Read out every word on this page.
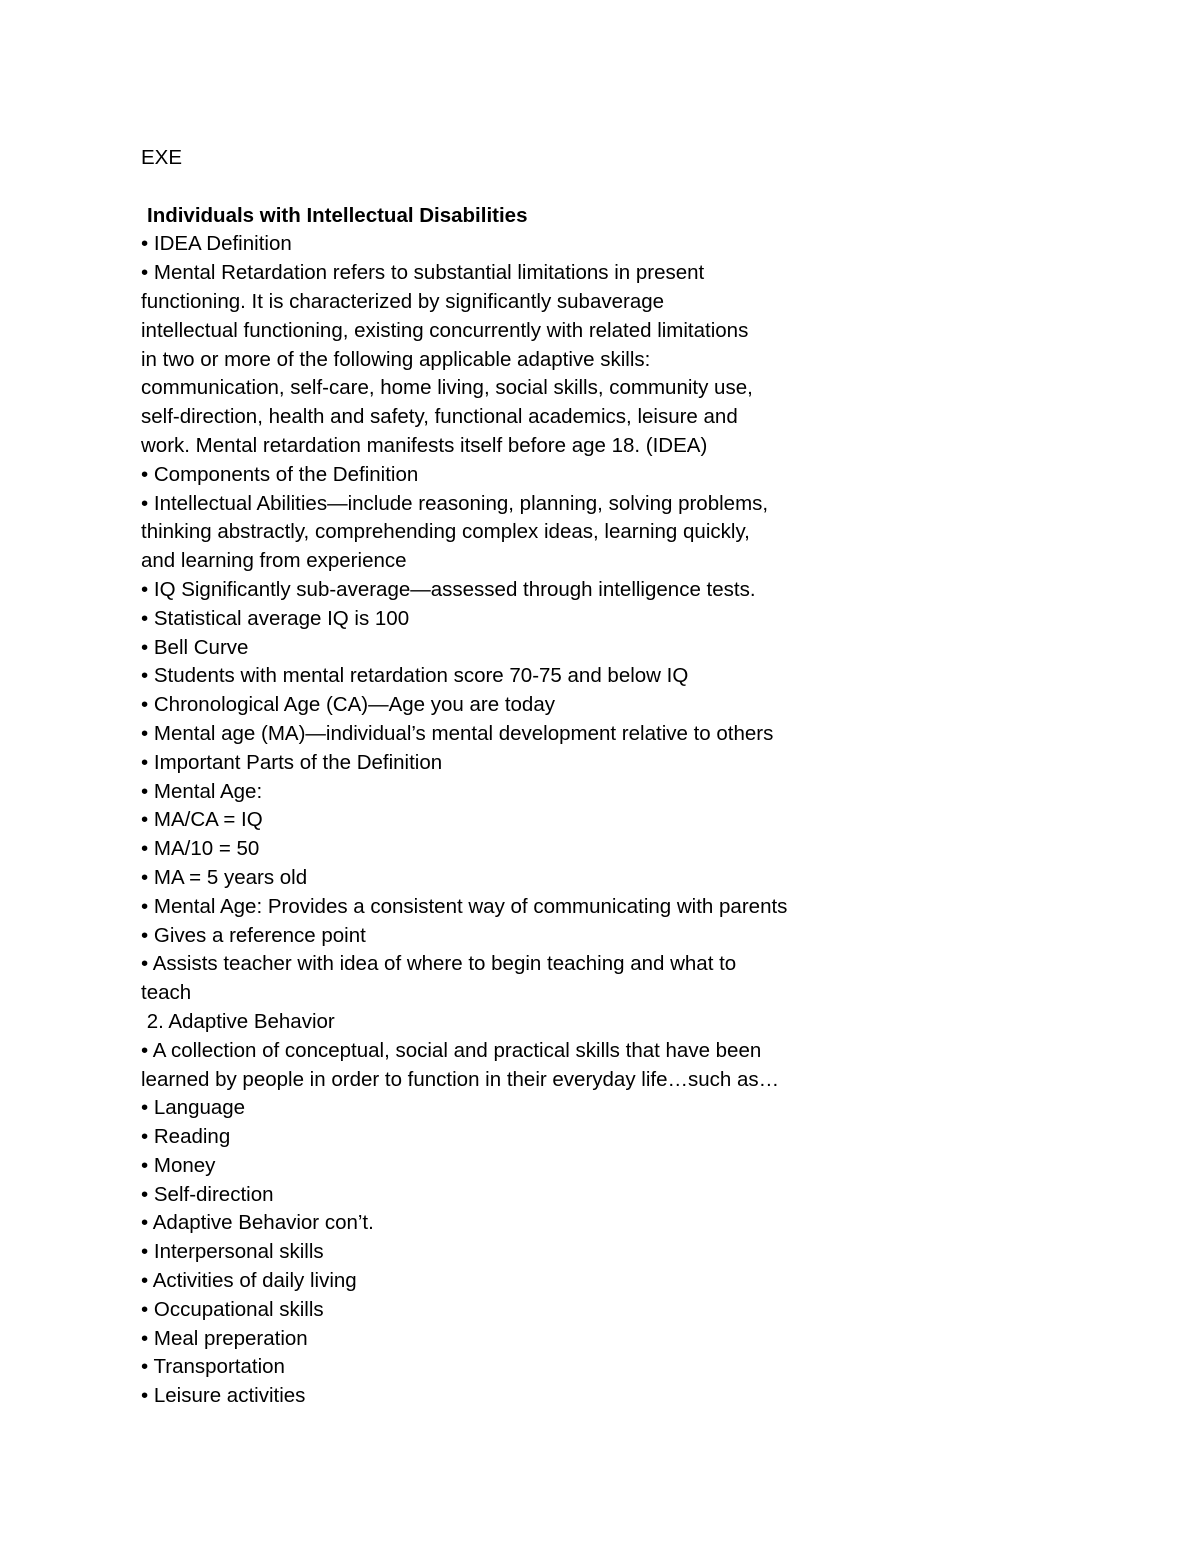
EXE
Individuals with Intellectual Disabilities
• IDEA Definition
• Mental Retardation refers to substantial limitations in present
functioning. It is characterized by significantly subaverage
intellectual functioning, existing concurrently with related limitations
in two or more of the following applicable adaptive skills:
communication, self-care, home living, social skills, community use,
self-direction, health and safety, functional academics, leisure and
work. Mental retardation manifests itself before age 18. (IDEA)
• Components of the Definition
• Intellectual Abilities—include reasoning, planning, solving problems,
thinking abstractly, comprehending complex ideas, learning quickly,
and learning from experience
• IQ Significantly sub-average—assessed through intelligence tests.
• Statistical average IQ is 100
• Bell Curve
• Students with mental retardation score 70-75 and below IQ
• Chronological Age (CA)—Age you are today
• Mental age (MA)—individual’s mental development relative to others
• Important Parts of the Definition
• Mental Age:
• MA/CA = IQ
• MA/10 = 50
• MA = 5 years old
• Mental Age: Provides a consistent way of communicating with parents
• Gives a reference point
• Assists teacher with idea of where to begin teaching and what to
teach
2. Adaptive Behavior
• A collection of conceptual, social and practical skills that have been
learned by people in order to function in their everyday life…such as…
• Language
• Reading
• Money
• Self-direction
• Adaptive Behavior con’t.
• Interpersonal skills
• Activities of daily living
• Occupational skills
• Meal preperation
• Transportation
• Leisure activities
